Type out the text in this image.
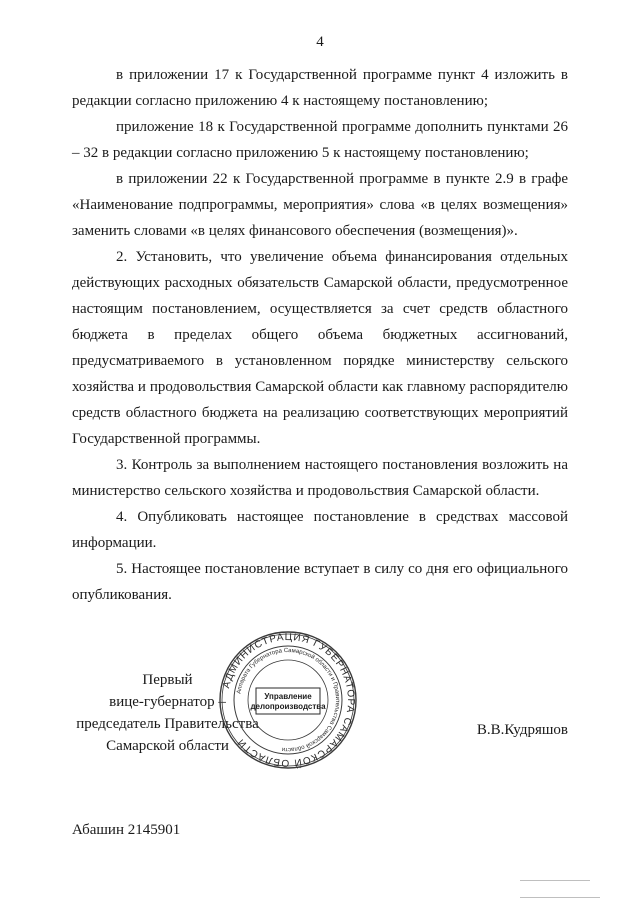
4

в приложении 17 к Государственной программе пункт 4 изложить в редакции согласно приложению 4 к настоящему постановлению;

приложение 18 к Государственной программе дополнить пунктами 26 – 32 в редакции согласно приложению 5 к настоящему постановлению;

в приложении 22 к Государственной программе в пункте 2.9 в графе «Наименование подпрограммы, мероприятия» слова «в целях возмещения» заменить словами «в целях финансового обеспечения (возмещения)».

2. Установить, что увеличение объема финансирования отдельных действующих расходных обязательств Самарской области, предусмотренное настоящим постановлением, осуществляется за счет средств областного бюджета в пределах общего объема бюджетных ассигнований, предусматриваемого в установленном порядке министерству сельского хозяйства и продовольствия Самарской области как главному распорядителю средств областного бюджета на реализацию соответствующих мероприятий Государственной программы.

3. Контроль за выполнением настоящего постановления возложить на министерство сельского хозяйства и продовольствия Самарской области.

4. Опубликовать настоящее постановление в средствах массовой информации.

5. Настоящее постановление вступает в силу со дня его официального опубликования.

Первый
вице-губернатор –
председатель Правительства
Самарской области
АДМИНИСТРАЦИЯ ГУБЕРНАТОРА САМАРСКОЙ ОБЛАСТИ
Аппарата Губернатора Самарской области и Правительства Самарской области
Управление
делопроизводства
В.В.Кудряшов
Абашин 2145901
